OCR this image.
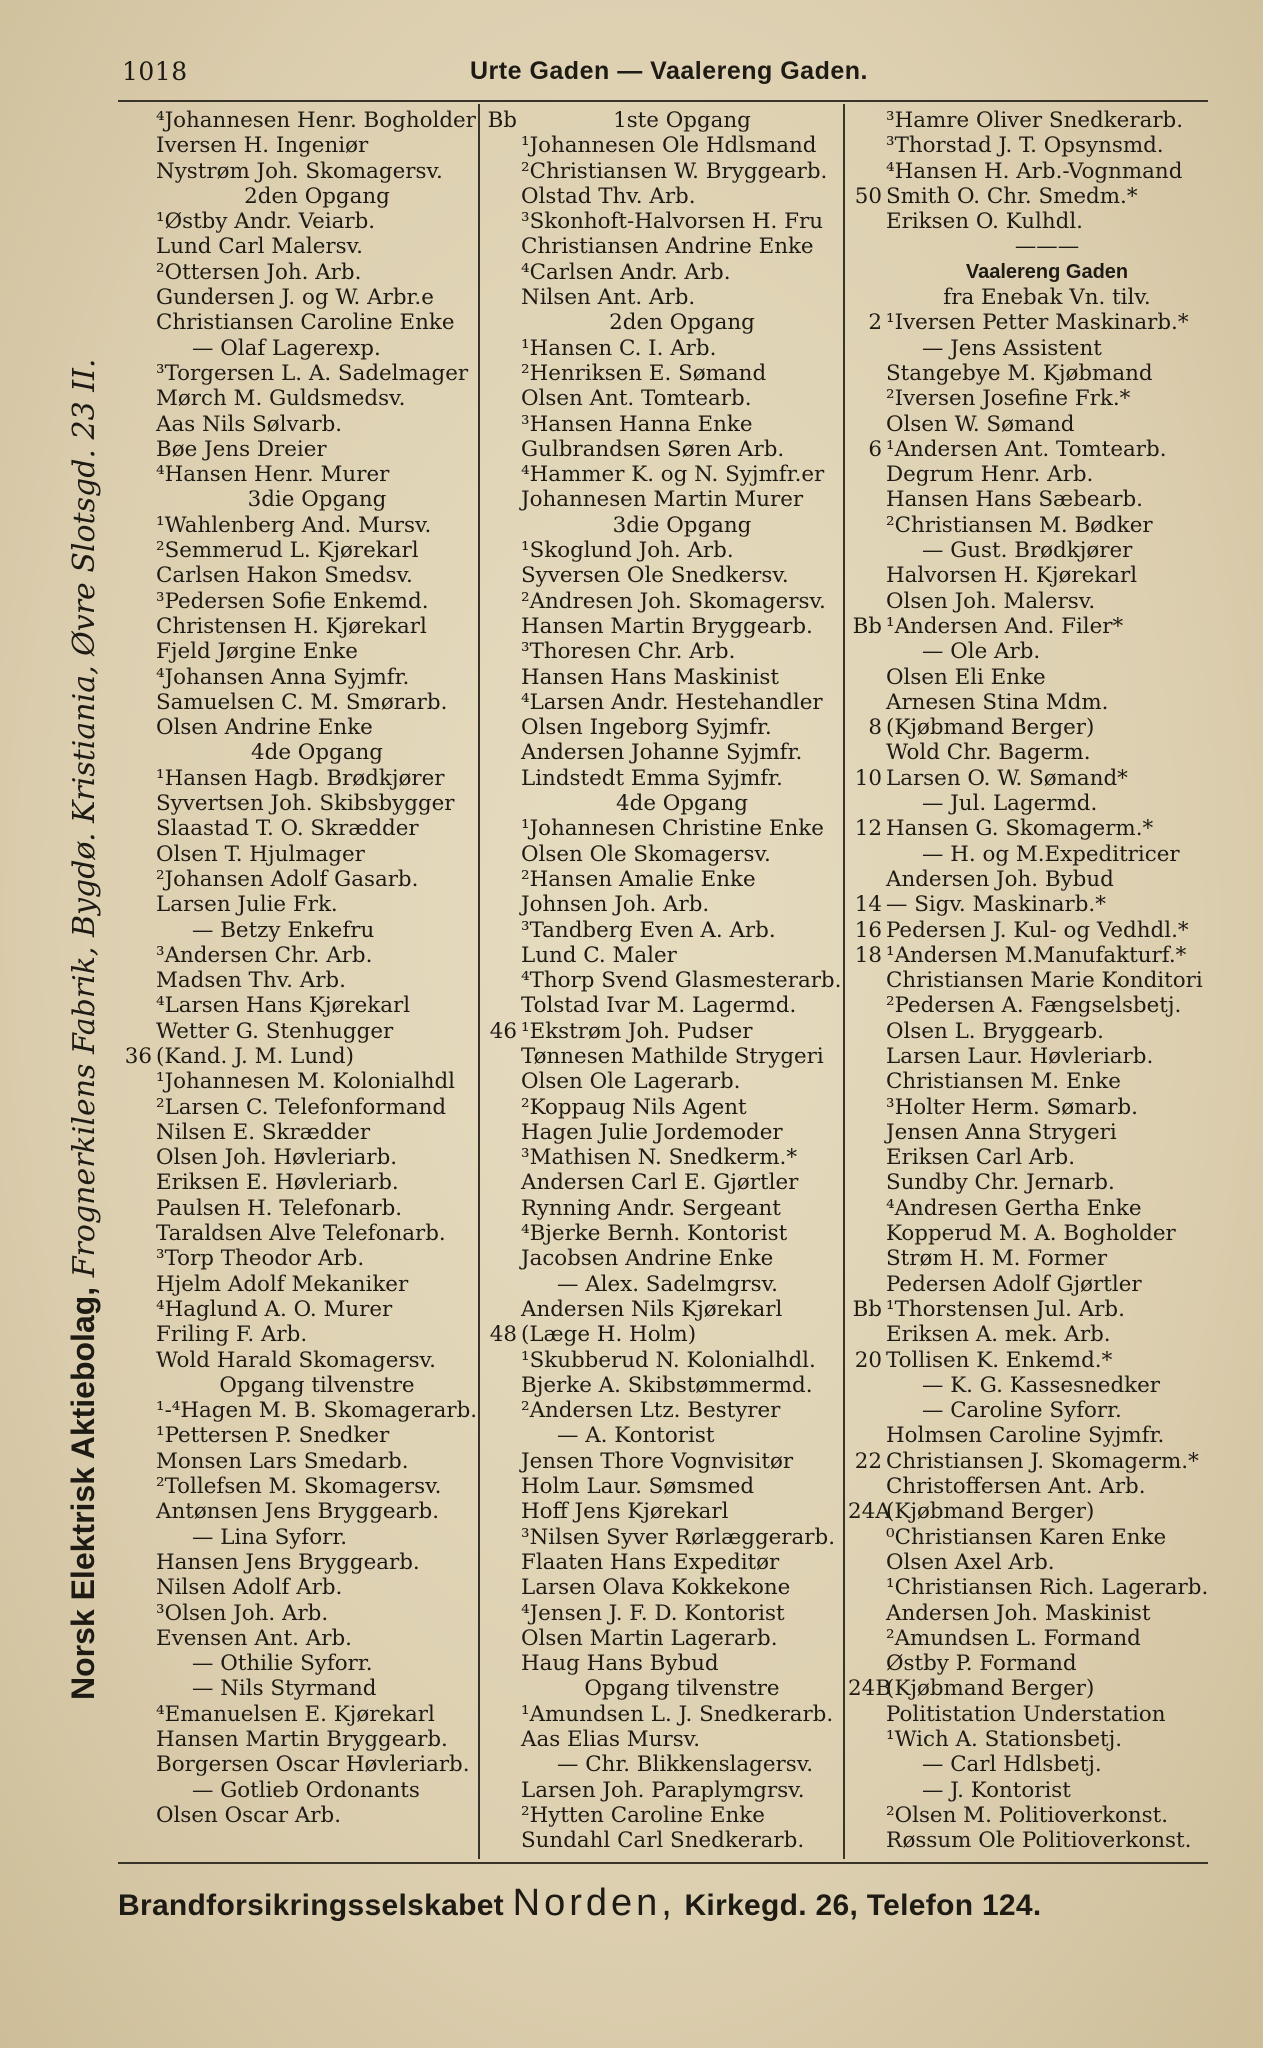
1018	Urte Gaden — Vaalereng Gaden.
Norsk Elektrisk Aktiebolag, Frognerkilens Fabrik, Bygdø. Kristiania, Øvre Slotsgd. 23 II.
⁴Johannesen Henr. Bogholder
Iversen H. Ingeniør
Nystrøm Joh. Skomagersv.
2den Opgang
¹Østby Andr. Veiarb.
Lund Carl Malersv.
²Ottersen Joh. Arb.
Gundersen J. og W. Arbr.e
Christiansen Caroline Enke
— Olaf Lagerexp.
³Torgersen L. A. Sadelmager
Mørch M. Guldsmedsv.
Aas Nils Sølvarb.
Bøe Jens Dreier
⁴Hansen Henr. Murer
3die Opgang
¹Wahlenberg And. Mursv.
²Semmerud L. Kjørekarl
Carlsen Hakon Smedsv.
³Pedersen Sofie Enkemd.
Christensen H. Kjørekarl
Fjeld Jørgine Enke
⁴Johansen Anna Syjmfr.
Samuelsen C. M. Smørarb.
Olsen Andrine Enke
4de Opgang
¹Hansen Hagb. Brødkjører
Syvertsen Joh. Skibsbygger
Slaastad T. O. Skrædder
Olsen T. Hjulmager
²Johansen Adolf Gasarb.
Larsen Julie Frk.
— Betzy Enkefru
³Andersen Chr. Arb.
Madsen Thv. Arb.
⁴Larsen Hans Kjørekarl
Wetter G. Stenhugger
36 (Kand. J. M. Lund)
¹Johannesen M. Kolonialhdl
²Larsen C. Telefonformand
Nilsen E. Skrædder
Olsen Joh. Høvleriarb.
Eriksen E. Høvleriarb.
Paulsen H. Telefonarb.
Taraldsen Alve Telefonarb.
³Torp Theodor Arb.
Hjelm Adolf Mekaniker
⁴Haglund A. O. Murer
Friling F. Arb.
Wold Harald Skomagersv.
Opgang tilvenstre
¹-⁴Hagen M. B. Skomagerarb.
¹Pettersen P. Snedker
Monsen Lars Smedarb.
²Tollefsen M. Skomagersv.
Antønsen Jens Bryggearb.
— Lina Syforr.
Hansen Jens Bryggearb.
Nilsen Adolf Arb.
³Olsen Joh. Arb.
Evensen Ant. Arb.
— Othilie Syforr.
— Nils Styrmand
⁴Emanuelsen E. Kjørekarl
Hansen Martin Bryggearb.
Borgersen Oscar Høvleriarb.
— Gotlieb Ordonants
Olsen Oscar Arb.
Bb	1ste Opgang
¹Johannesen Ole Hdlsmand
²Christiansen W. Bryggearb.
Olstad Thv. Arb.
³Skonhoft-Halvorsen H. Fru
Christiansen Andrine Enke
⁴Carlsen Andr. Arb.
Nilsen Ant. Arb.
2den Opgang
¹Hansen C. I. Arb.
²Henriksen E. Sømand
Olsen Ant. Tomtearb.
³Hansen Hanna Enke
Gulbrandsen Søren Arb.
⁴Hammer K. og N. Syjmfr.er
Johannesen Martin Murer
3die Opgang
¹Skoglund Joh. Arb.
Syversen Ole Snedkersv.
²Andresen Joh. Skomagersv.
Hansen Martin Bryggearb.
³Thoresen Chr. Arb.
Hansen Hans Maskinist
⁴Larsen Andr. Hestehandler
Olsen Ingeborg Syjmfr.
Andersen Johanne Syjmfr.
Lindstedt Emma Syjmfr.
4de Opgang
¹Johannesen Christine Enke
Olsen Ole Skomagersv.
²Hansen Amalie Enke
Johnsen Joh. Arb.
³Tandberg Even A. Arb.
Lund C. Maler
⁴Thorp Svend Glasmesterarb.
Tolstad Ivar M. Lagermd.
46 ¹Ekstrøm Joh. Pudser
Tønnesen Mathilde Strygeri
Olsen Ole Lagerarb.
²Koppaug Nils Agent
Hagen Julie Jordemoder
³Mathisen N. Snedkerm.*
Andersen Carl E. Gjørtler
Rynning Andr. Sergeant
⁴Bjerke Bernh. Kontorist
Jacobsen Andrine Enke
— Alex. Sadelmgrsv.
Andersen Nils Kjørekarl
48 (Læge H. Holm)
¹Skubberud N. Kolonialhdl.
Bjerke A. Skibstømmermd.
²Andersen Ltz. Bestyrer
— A. Kontorist
Jensen Thore Vognvisitør
Holm Laur. Sømsmed
Hoff Jens Kjørekarl
³Nilsen Syver Rørlæggerarb.
Flaaten Hans Expeditør
Larsen Olava Kokkekone
⁴Jensen J. F. D. Kontorist
Olsen Martin Lagerarb.
Haug Hans Bybud
Opgang tilvenstre
¹Amundsen L. J. Snedkerarb.
Aas Elias Mursv.
— Chr. Blikkenslagersv.
Larsen Joh. Paraplymgrsv.
²Hytten Caroline Enke
Sundahl Carl Snedkerarb.
³Hamre Oliver Snedkerarb.
³Thorstad J. T. Opsynsmd.
⁴Hansen H. Arb.-Vognmand
50 Smith O. Chr. Smedm.*
Eriksen O. Kulhdl.
———
Vaalereng Gaden
fra Enebak Vn. tilv.
2 ¹Iversen Petter Maskinarb.*
— Jens Assistent
Stangebye M. Kjøbmand
²Iversen Josefine Frk.*
Olsen W. Sømand
6 ¹Andersen Ant. Tomtearb.
Degrum Henr. Arb.
Hansen Hans Sæbearb.
²Christiansen M. Bødker
— Gust. Brødkjører
Halvorsen H. Kjørekarl
Olsen Joh. Malersv.
Bb ¹Andersen And. Filer*
— Ole Arb.
Olsen Eli Enke
Arnesen Stina Mdm.
8 (Kjøbmand Berger)
Wold Chr. Bagerm.
10 Larsen O. W. Sømand*
— Jul. Lagermd.
12 Hansen G. Skomagerm.*
— H. og M.Expeditricer
Andersen Joh. Bybud
14 — Sigv. Maskinarb.*
16 Pedersen J. Kul- og Vedhdl.*
18 ¹Andersen M.Manufakturf.*
Christiansen Marie Konditori
²Pedersen A. Fængselsbetj.
Olsen L. Bryggearb.
Larsen Laur. Høvleriarb.
Christiansen M. Enke
³Holter Herm. Sømarb.
Jensen Anna Strygeri
Eriksen Carl Arb.
Sundby Chr. Jernarb.
⁴Andresen Gertha Enke
Kopperud M. A. Bogholder
Strøm H. M. Former
Pedersen Adolf Gjørtler
Bb ¹Thorstensen Jul. Arb.
Eriksen A. mek. Arb.
20 Tollisen K. Enkemd.*
— K. G. Kassesnedker
— Caroline Syforr.
Holmsen Caroline Syjmfr.
22 Christiansen J. Skomagerm.*
Christoffersen Ant. Arb.
24A
(Kjøbmand Berger)
⁰Christiansen Karen Enke
Olsen Axel Arb.
¹Christiansen Rich. Lagerarb.
Andersen Joh. Maskinist
²Amundsen L. Formand
Østby P. Formand
24B
(Kjøbmand Berger)
Politistation Understation
¹Wich A. Stationsbetj.
— Carl Hdlsbetj.
— J. Kontorist
²Olsen M. Politioverkonst.
Røssum Ole Politioverkonst.
Brandforsikringsselskabet Norden, Kirkegd. 26, Telefon 124.
